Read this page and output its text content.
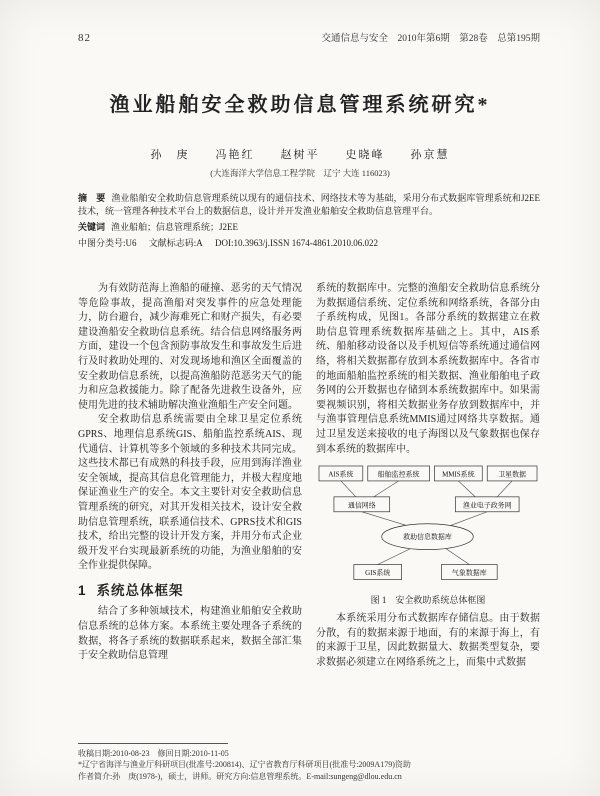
82	交通信息与安全　2010年第6期　第28卷　总第195期
渔业船舶安全救助信息管理系统研究*
孙　庚　　冯艳红　　赵树平　　史晓峰　　孙京慧
(大连海洋大学信息工程学院　辽宁 大连 116023)
摘　要 渔业船舶安全救助信息管理系统以现有的通信技术、网络技术等为基础，采用分布式数据库管理系统和J2EE技术，统一管理各种技术平台上的数据信息，设计并开发渔业船舶安全救助信息管理平台。
关键词 渔业船舶；信息管理系统；J2EE
中图分类号:U6 文献标志码:A DOI:10.3963/j.ISSN 1674-4861.2010.06.022

为有效防范海上渔船的碰撞、恶劣的天气情况等危险事故，提高渔船对突发事件的应急处理能力，防台避台，减少海难死亡和财产损失，有必要建设渔船安全救助信息系统。结合信息网络服务两方面，建设一个包含预防事故发生和事故发生后进行及时救助处理的、对发现场地和渔区全面覆盖的安全救助信息系统，以提高渔船防范恶劣天气的能力和应急救援能力。除了配备先进救生设备外，应使用先进的技术辅助解决渔业渔船生产安全问题。

安全救助信息系统需要由全球卫星定位系统GPRS、地理信息系统GIS、船舶监控系统AIS、现代通信、计算机等多个领域的多种技术共同完成。这些技术都已有成熟的科技手段，应用到海洋渔业安全领域，提高其信息化管理能力，并极大程度地保证渔业生产的安全。本文主要针对安全救助信息管理系统的研究，对其开发相关技术，设计安全救助信息管理系统，联系通信技术、GPRS技术和GIS技术，给出完整的设计开发方案，并用分布式企业级开发平台实现最新系统的功能，为渔业船舶的安全作业提供保障。

1 系统总体框架

结合了多种领域技术，构建渔业船舶安全救助信息系统的总体方案。本系统主要处理各子系统的数据，将各子系统的数据联系起来，数据全部汇集于安全救助信息管理

系统的数据库中。完整的渔船安全救助信息系统分为数据通信系统、定位系统和网络系统，各部分由子系统构成，见图1。各部分系统的数据建立在救助信息管理系统数据库基础之上。其中，AIS系统、船舶移动设备以及手机短信等系统通过通信网络，将相关数据都存放到本系统数据库中。各省市的地面船舶监控系统的相关数据、渔业船舶电子政务网的公开数据也存储到本系统数据库中。如果需要视频识别，将相关数据业务存放到数据库中，并与渔事管理信息系统MMIS通过网络共享数据。通过卫星发送来接收的电子海图以及气象数据也保存到本系统的数据库中。

AIS系统	船舶监控系统	MMIS系统	卫星数据
通信网络	渔业电子政务网
救助信息数据库
GIS系统	气象数据库
图 1　安全救助系统总体框图

本系统采用分布式数据库存储信息。由于数据分散，有的数据来源于地面，有的来源于海上，有的来源于卫星，因此数据量大、数据类型复杂，要求数据必须建立在网络系统之上，而集中式数据

收稿日期:2010-08-23　修回日期:2010-11-05
*辽宁省海洋与渔业厅科研项目(批准号:200814)、辽宁省教育厅科研项目(批准号:2009A179)资助
作者简介:孙　庚(1978-)，硕士，讲师。研究方向:信息管理系统。E-mail:sungeng@dlou.edu.cn
